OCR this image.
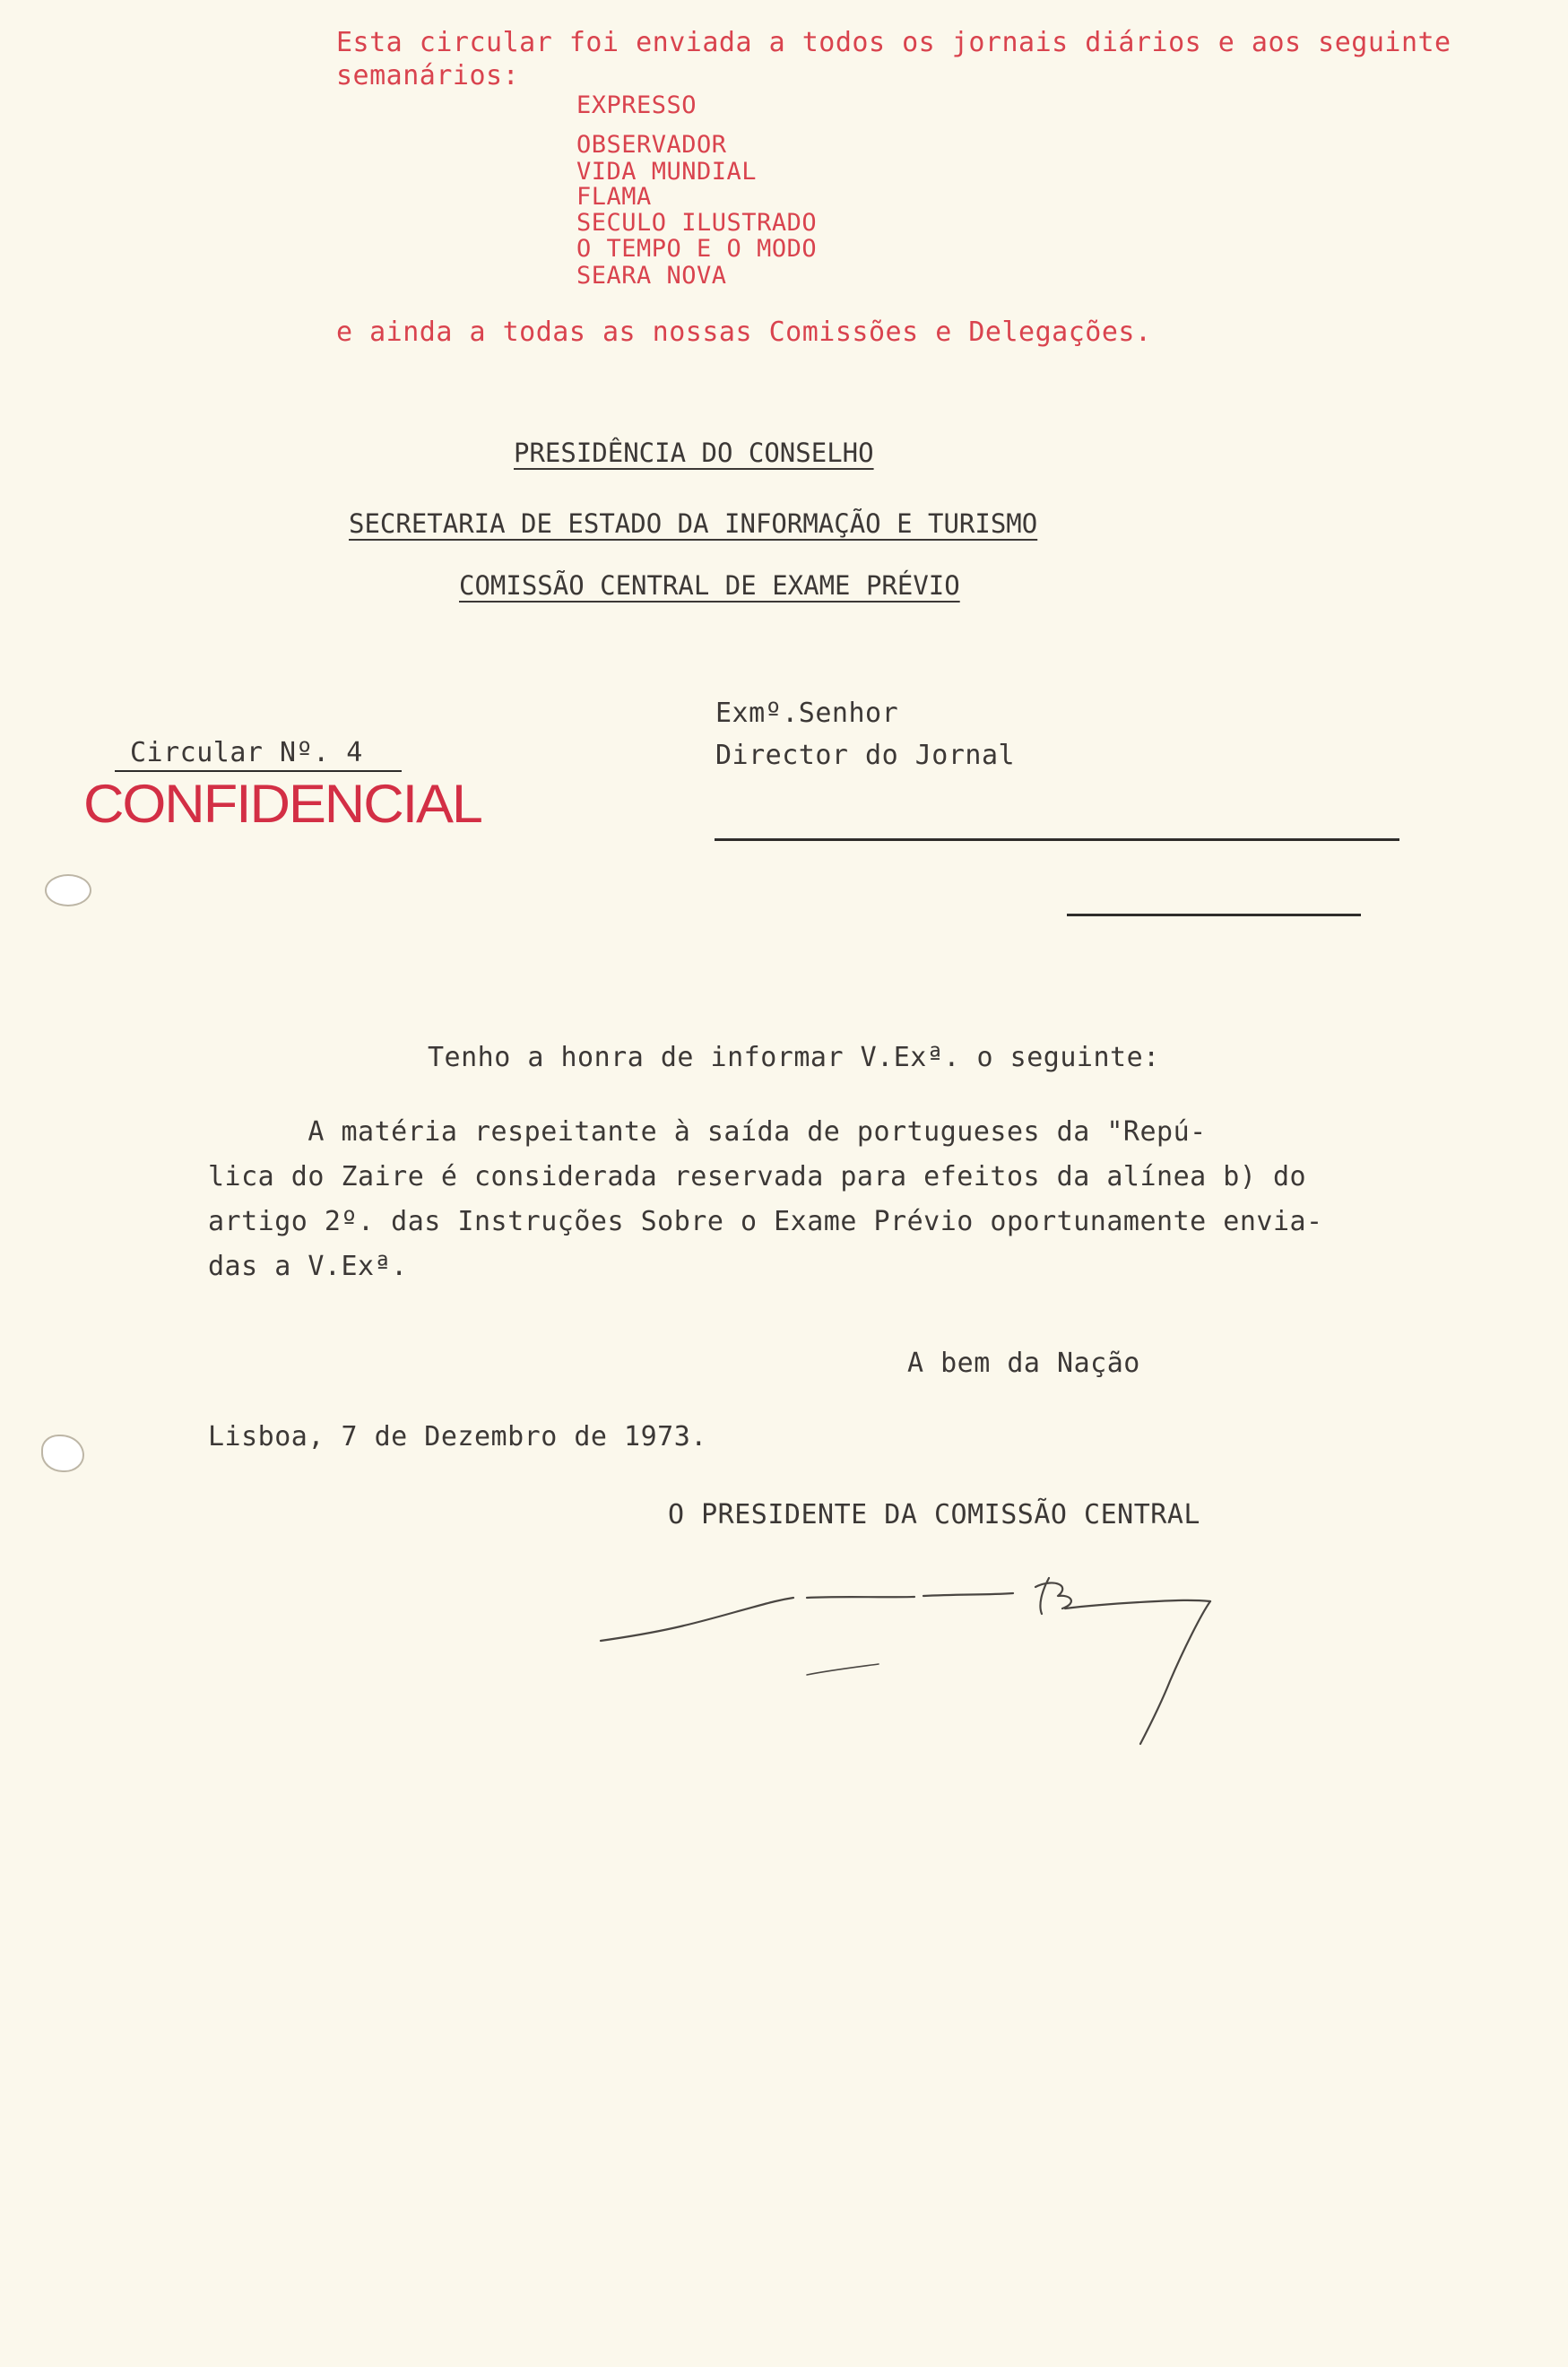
Esta circular foi enviada a todos os jornais diários e aos seguinte
semanários:
EXPRESSO
OBSERVADOR
VIDA MUNDIAL
FLAMA
SECULO ILUSTRADO
O TEMPO E O MODO
SEARA NOVA
e ainda a todas as nossas Comissões e Delegações.
PRESIDÊNCIA DO CONSELHO
SECRETARIA DE ESTADO DA INFORMAÇÃO E TURISMO
COMISSÃO CENTRAL DE EXAME PRÉVIO
Exmº.Senhor
Director do Jornal
Circular Nº. 4
CONFIDENCIAL
Tenho a honra de informar V.Exª. o seguinte:
A matéria respeitante à saída de portugueses da "Repú-
lica do Zaire é considerada reservada para efeitos da alínea b) do
artigo 2º. das Instruções Sobre o Exame Prévio oportunamente envia-
das a V.Exª.
A bem da Nação
Lisboa, 7 de Dezembro de 1973.
O PRESIDENTE DA COMISSÃO CENTRAL
